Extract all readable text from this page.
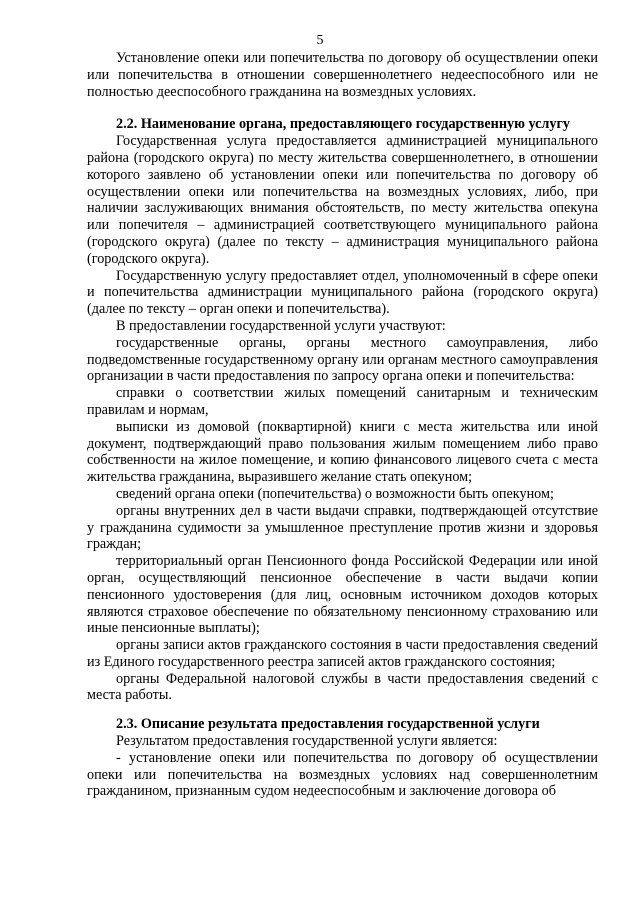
5

Установление опеки или попечительства по договору об осуществлении опеки или попечительства в отношении совершеннолетнего недееспособного или не полностью дееспособного гражданина на возмездных условиях.

2.2. Наименование органа, предоставляющего государственную услугу

Государственная услуга предоставляется администрацией муниципального района (городского округа) по месту жительства совершеннолетнего, в отношении которого заявлено об установлении опеки или попечительства по договору об осуществлении опеки или попечительства на возмездных условиях, либо, при наличии заслуживающих внимания обстоятельств, по месту жительства опекуна или попечителя – администрацией соответствующего муниципального района (городского округа) (далее по тексту – администрация муниципального района (городского округа).

Государственную услугу предоставляет отдел, уполномоченный в сфере опеки и попечительства администрации муниципального района (городского округа) (далее по тексту – орган опеки и попечительства).

В предоставлении государственной услуги участвуют:

государственные органы, органы местного самоуправления, либо подведомственные государственному органу или органам местного самоуправления организации в части предоставления по запросу органа опеки и попечительства:

справки о соответствии жилых помещений санитарным и техническим правилам и нормам,

выписки из домовой (поквартирной) книги с места жительства или иной документ, подтверждающий право пользования жилым помещением либо право собственности на жилое помещение, и копию финансового лицевого счета с места жительства гражданина, выразившего желание стать опекуном;

сведений органа опеки (попечительства) о возможности быть опекуном;

органы внутренних дел в части выдачи справки, подтверждающей отсутствие у гражданина судимости за умышленное преступление против жизни и здоровья граждан;

территориальный орган Пенсионного фонда Российской Федерации или иной орган, осуществляющий пенсионное обеспечение в части выдачи копии пенсионного удостоверения (для лиц, основным источником доходов которых являются страховое обеспечение по обязательному пенсионному страхованию или иные пенсионные выплаты);

органы записи актов гражданского состояния в части предоставления сведений из Единого государственного реестра записей актов гражданского состояния;

органы Федеральной налоговой службы в части предоставления сведений с места работы.

2.3. Описание результата предоставления государственной услуги

Результатом предоставления государственной услуги является:

- установление опеки или попечительства по договору об осуществлении опеки или попечительства на возмездных условиях над совершеннолетним гражданином, признанным судом недееспособным и заключение договора об
